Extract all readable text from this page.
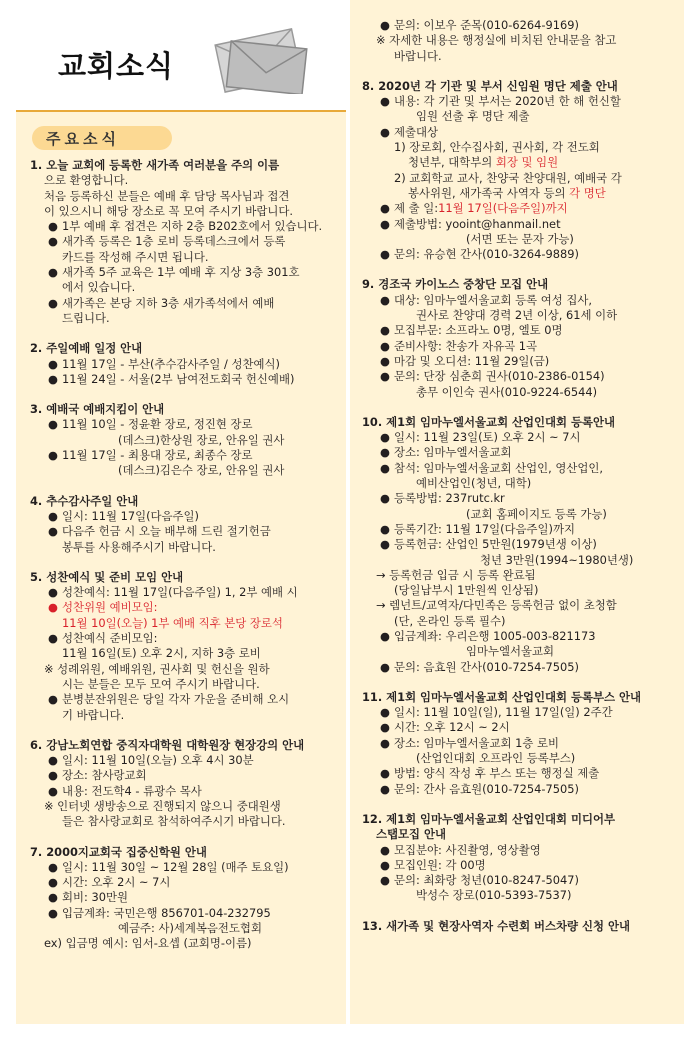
교회소식
주요소식
1. 오늘 교회에 등록한 새가족 여러분을 주의 이름
으로 환영합니다.
처음 등록하신 분들은 예배 후 담당 목사님과 접견
이 있으시니 해당 장소로 꼭 모여 주시기 바랍니다.
● 1부 예배 후 접견은 지하 2층 B202호에서 있습니다.
● 새가족 등록은 1층 로비 등록데스크에서 등록
카드를 작성해 주시면 됩니다.
● 새가족 5주 교육은 1부 예배 후 지상 3층 301호
에서 있습니다.
● 새가족은 본당 지하 3층 새가족석에서 예배
드립니다.
2. 주일예배 일정 안내
● 11월 17일 - 부산(추수감사주일 / 성찬예식)
● 11월 24일 - 서울(2부 남여전도회국 헌신예배)
3. 예배국 예배지킴이 안내
● 11월 10일 - 정윤환 장로, 정진현 장로
(데스크)한상원 장로, 안유일 권사
● 11월 17일 - 최용대 장로, 최종수 장로
(데스크)김은수 장로, 안유일 권사
4. 추수감사주일 안내
● 일시: 11월 17일(다음주일)
● 다음주 헌금 시 오늘 배부해 드린 절기헌금
봉투를 사용해주시기 바랍니다.
5. 성찬예식 및 준비 모임 안내
● 성찬예식: 11월 17일(다음주일) 1, 2부 예배 시
● 성찬위원 예비모임:
11월 10일(오늘) 1부 예배 직후 본당 장로석
● 성찬예식 준비모임:
11월 16일(토) 오후 2시, 지하 3층 로비
※ 성례위원, 예배위원, 권사회 및 헌신을 원하
시는 분들은 모두 모여 주시기 바랍니다.
● 분병분잔위원은 당일 각자 가운을 준비해 오시
기 바랍니다.
6. 강남노회연합 중직자대학원 대학원장 현장강의 안내
● 일시: 11월 10일(오늘) 오후 4시 30분
● 장소: 참사랑교회
● 내용: 전도학4 - 류광수 목사
※ 인터넷 생방송으로 진행되지 않으니 중대원생
들은 참사랑교회로 참석하여주시기 바랍니다.
7. 2000지교회국 집중신학원 안내
● 일시: 11월 30일 ~ 12월 28일 (매주 토요일)
● 시간: 오후 2시 ~ 7시
● 회비: 30만원
● 입금계좌: 국민은행 856701-04-232795
예금주: 사)세계복음전도협회
ex) 입금명 예시: 임서-요셉 (교회명-이름)
● 문의: 이보우 준목(010-6264-9169)
※ 자세한 내용은 행정실에 비치된 안내문을 참고
바랍니다.
8. 2020년 각 기관 및 부서 신임원 명단 제출 안내
● 내용: 각 기관 및 부서는 2020년 한 해 헌신할
임원 선출 후 명단 제출
● 제출대상
1) 장로회, 안수집사회, 권사회, 각 전도회
청년부, 대학부의 회장 및 임원
2) 교회학교 교사, 찬양국 찬양대원, 예배국 각
봉사위원, 새가족국 사역자 등의 각 명단
● 제 출 일: 11월 17일(다음주일)까지
● 제출방법: yooint@hanmail.net
(서면 또는 문자 가능)
● 문의: 유승현 간사(010-3264-9889)
9. 경조국 카이노스 중창단 모집 안내
● 대상: 임마누엘서울교회 등록 여성 집사,
권사로 찬양대 경력 2년 이상, 61세 이하
● 모집부문: 소프라노 0명, 엘토 0명
● 준비사항: 찬송가 자유곡 1곡
● 마감 및 오디션: 11월 29일(금)
● 문의: 단장 심춘희 권사(010-2386-0154)
총무 이인숙 권사(010-9224-6544)
10. 제1회 임마누엘서울교회 산업인대회 등록안내
● 일시: 11월 23일(토) 오후 2시 ~ 7시
● 장소: 임마누엘서울교회
● 참석: 임마누엘서울교회 산업인, 영산업인,
예비산업인(청년, 대학)
● 등록방법: 237rutc.kr
(교회 홈페이지도 등록 가능)
● 등록기간: 11월 17일(다음주일)까지
● 등록헌금: 산업인 5만원(1979년생 이상)
청년 3만원(1994~1980년생)
→ 등록헌금 입금 시 등록 완료됨
(당일납부시 1만원씩 인상됨)
→ 렘넌트/교역자/다민족은 등록헌금 없이 초청함
(단, 온라인 등록 필수)
● 입금계좌: 우리은행 1005-003-821173
임마누엘서울교회
● 문의: 음효원 간사(010-7254-7505)
11. 제1회 임마누엘서울교회 산업인대회 등록부스 안내
● 일시: 11월 10일(일), 11월 17일(일) 2주간
● 시간: 오후 12시 ~ 2시
● 장소: 임마누엘서울교회 1층 로비
(산업인대회 오프라인 등록부스)
● 방법: 양식 작성 후 부스 또는 행정실 제출
● 문의: 간사 음효원(010-7254-7505)
12. 제1회 임마누엘서울교회 산업인대회 미디어부
스탭모집 안내
● 모집분야: 사진촬영, 영상촬영
● 모집인원: 각 00명
● 문의: 최화랑 청년(010-8247-5047)
박성수 장로(010-5393-7537)
13. 새가족 및 현장사역자 수련회 버스차량 신청 안내
